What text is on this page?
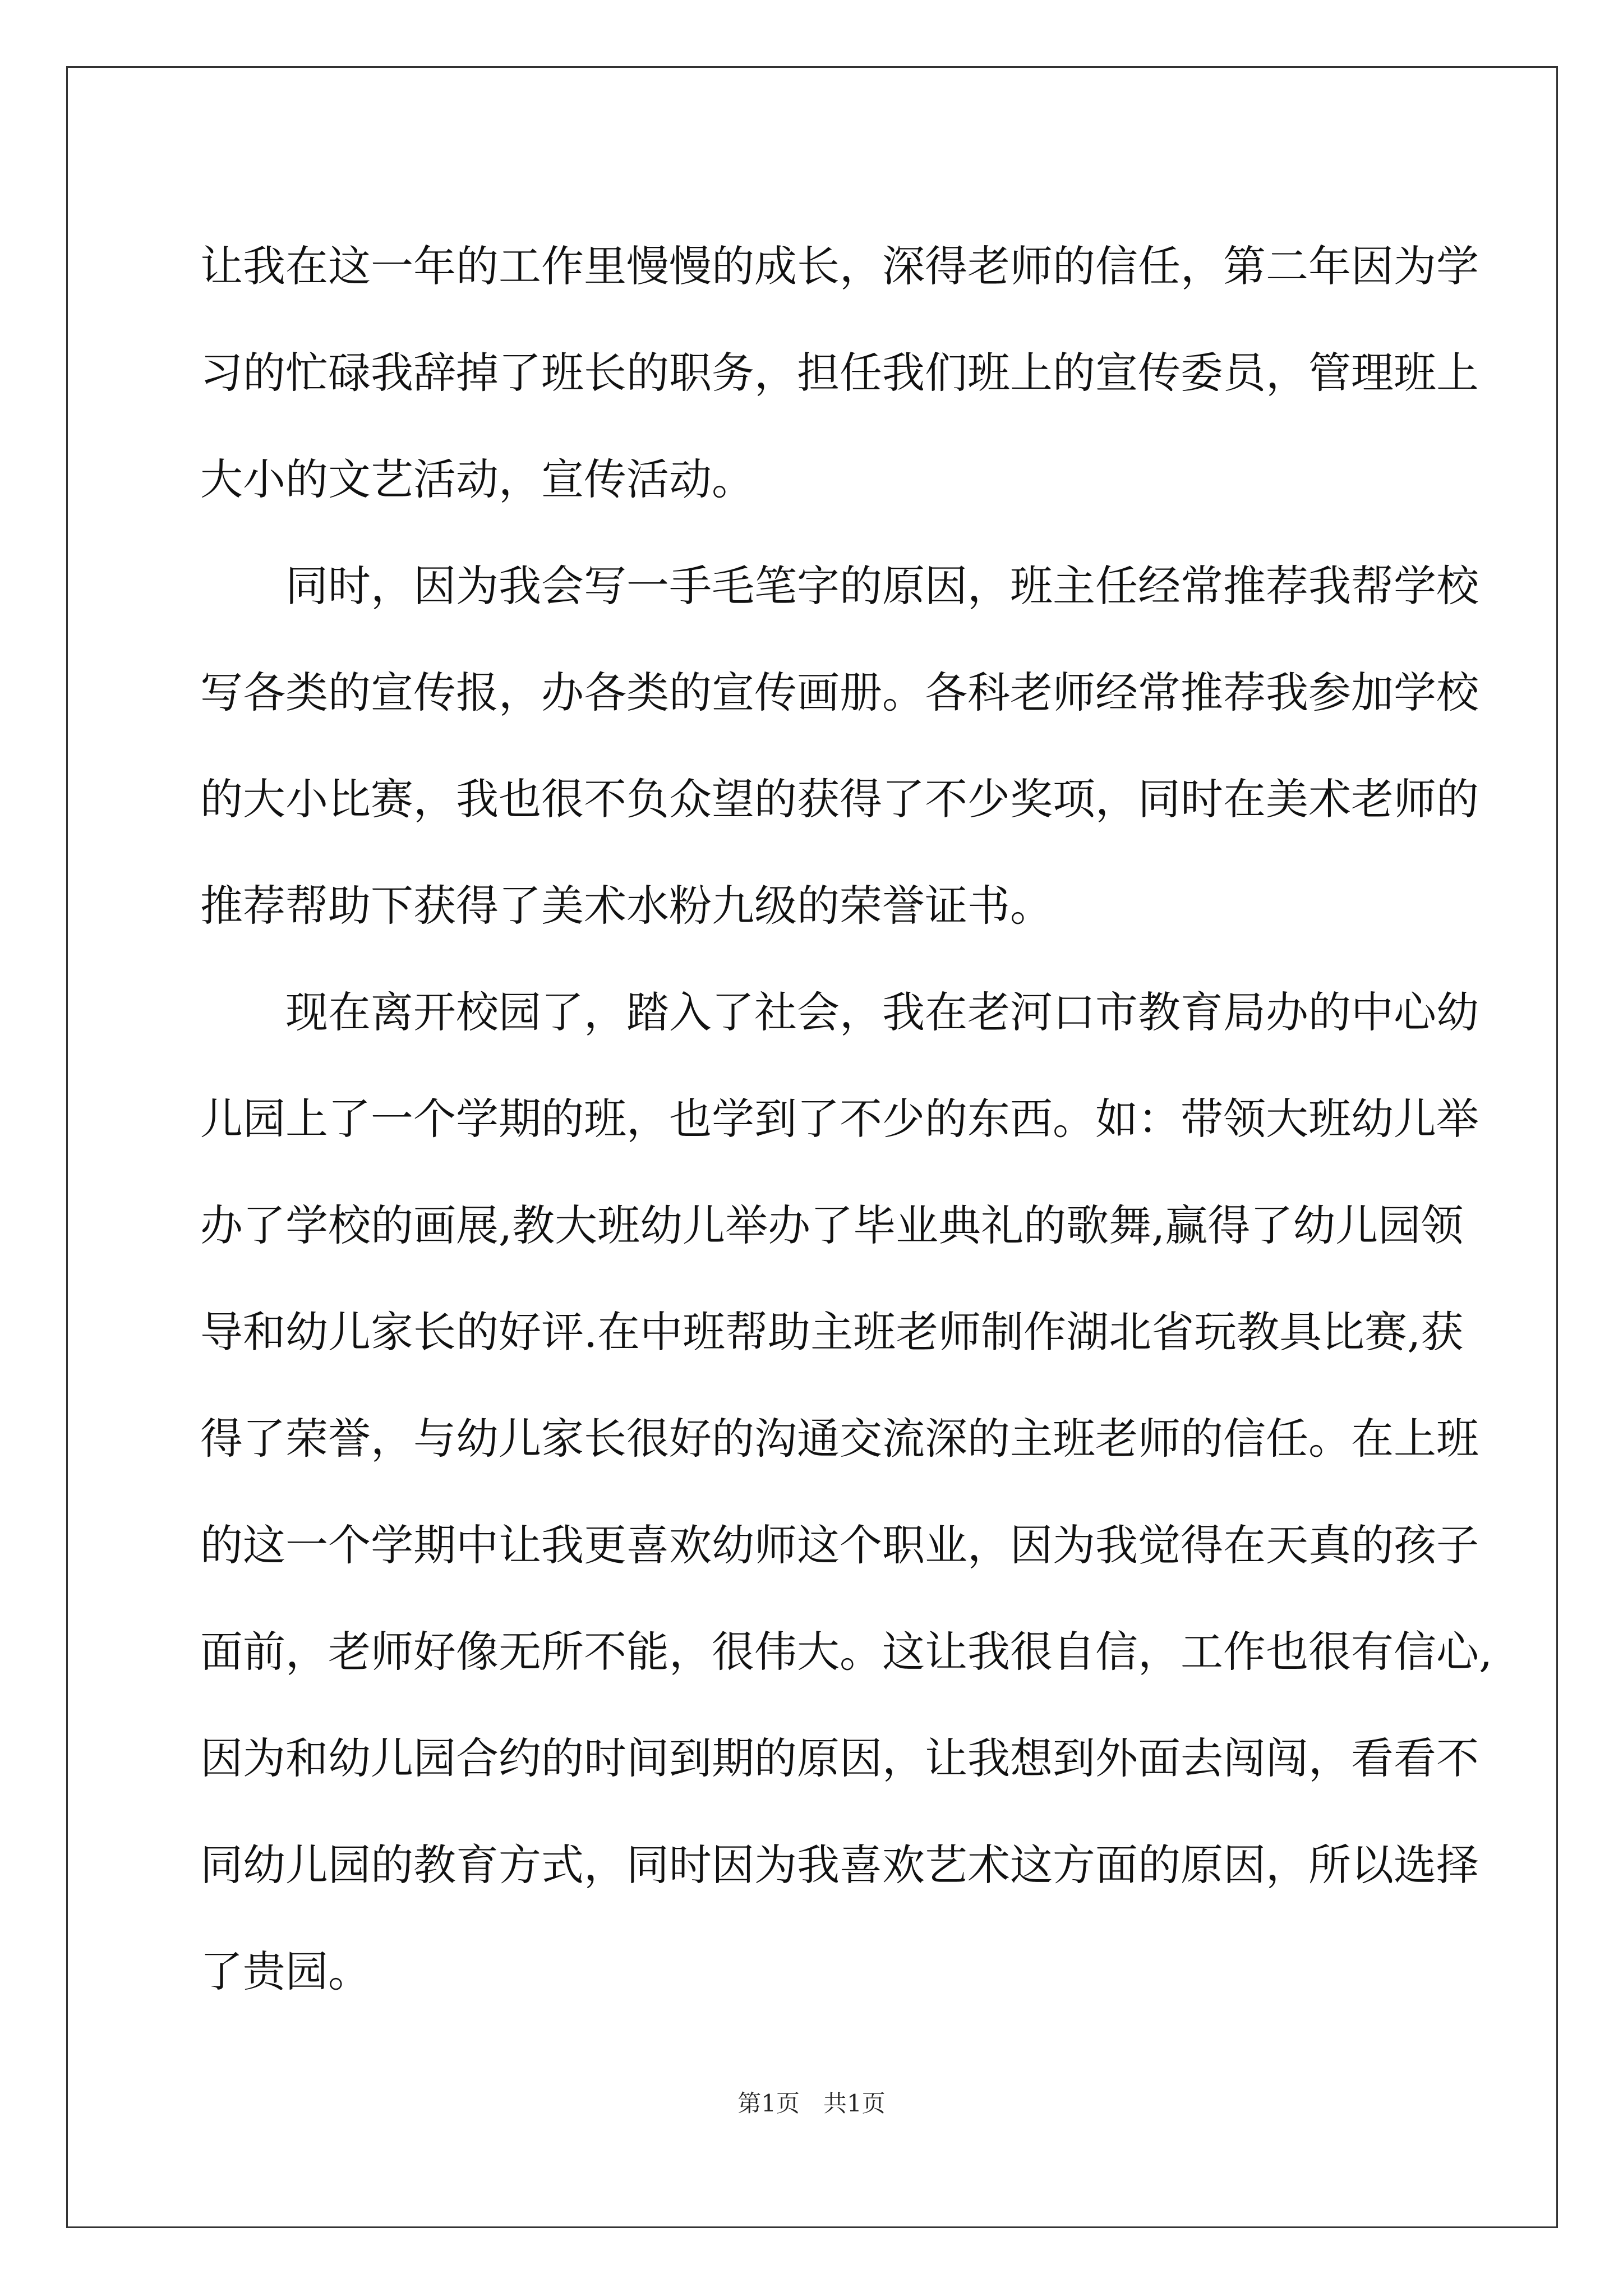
让我在这一年的工作里慢慢的成长，深得老师的信任，第二年因为学
习的忙碌我辞掉了班长的职务，担任我们班上的宣传委员，管理班上
大小的文艺活动，宣传活动。
　　同时，因为我会写一手毛笔字的原因，班主任经常推荐我帮学校
写各类的宣传报，办各类的宣传画册。各科老师经常推荐我参加学校
的大小比赛，我也很不负众望的获得了不少奖项，同时在美术老师的
推荐帮助下获得了美术水粉九级的荣誉证书。
　　现在离开校园了，踏入了社会，我在老河口市教育局办的中心幼
儿园上了一个学期的班，也学到了不少的东西。如：带领大班幼儿举
办了学校的画展,教大班幼儿举办了毕业典礼的歌舞,赢得了幼儿园领
导和幼儿家长的好评.在中班帮助主班老师制作湖北省玩教具比赛,获
得了荣誉，与幼儿家长很好的沟通交流深的主班老师的信任。在上班
的这一个学期中让我更喜欢幼师这个职业，因为我觉得在天真的孩子
面前，老师好像无所不能，很伟大。这让我很自信，工作也很有信心,
因为和幼儿园合约的时间到期的原因，让我想到外面去闯闯，看看不
同幼儿园的教育方式，同时因为我喜欢艺术这方面的原因，所以选择
了贵园。
第1页　共1页
